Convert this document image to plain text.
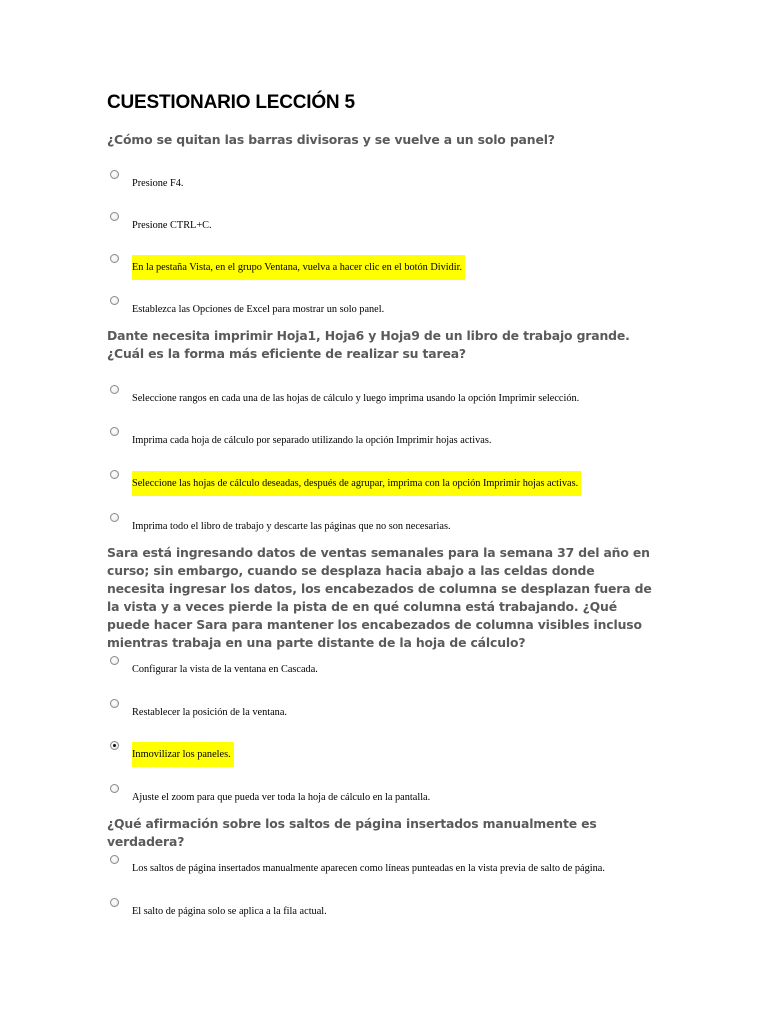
CUESTIONARIO LECCIÓN 5

¿Cómo se quitan las barras divisoras y se vuelve a un solo panel?

Presione F4.
Presione CTRL+C.
En la pestaña Vista, en el grupo Ventana, vuelva a hacer clic en el botón Dividir.
Establezca las Opciones de Excel para mostrar un solo panel.

Dante necesita imprimir Hoja1, Hoja6 y Hoja9 de un libro de trabajo grande. ¿Cuál es la forma más eficiente de realizar su tarea?

Seleccione rangos en cada una de las hojas de cálculo y luego imprima usando la opción Imprimir selección.
Imprima cada hoja de cálculo por separado utilizando la opción Imprimir hojas activas.
Seleccione las hojas de cálculo deseadas, después de agrupar, imprima con la opción Imprimir hojas activas.
Imprima todo el libro de trabajo y descarte las páginas que no son necesarias.

Sara está ingresando datos de ventas semanales para la semana 37 del año en curso; sin embargo, cuando se desplaza hacia abajo a las celdas donde necesita ingresar los datos, los encabezados de columna se desplazan fuera de la vista y a veces pierde la pista de en qué columna está trabajando. ¿Qué puede hacer Sara para mantener los encabezados de columna visibles incluso mientras trabaja en una parte distante de la hoja de cálculo?

Configurar la vista de la ventana en Cascada.
Restablecer la posición de la ventana.
Inmovilizar los paneles.
Ajuste el zoom para que pueda ver toda la hoja de cálculo en la pantalla.

¿Qué afirmación sobre los saltos de página insertados manualmente es verdadera?

Los saltos de página insertados manualmente aparecen como líneas punteadas en la vista previa de salto de página.
El salto de página solo se aplica a la fila actual.
